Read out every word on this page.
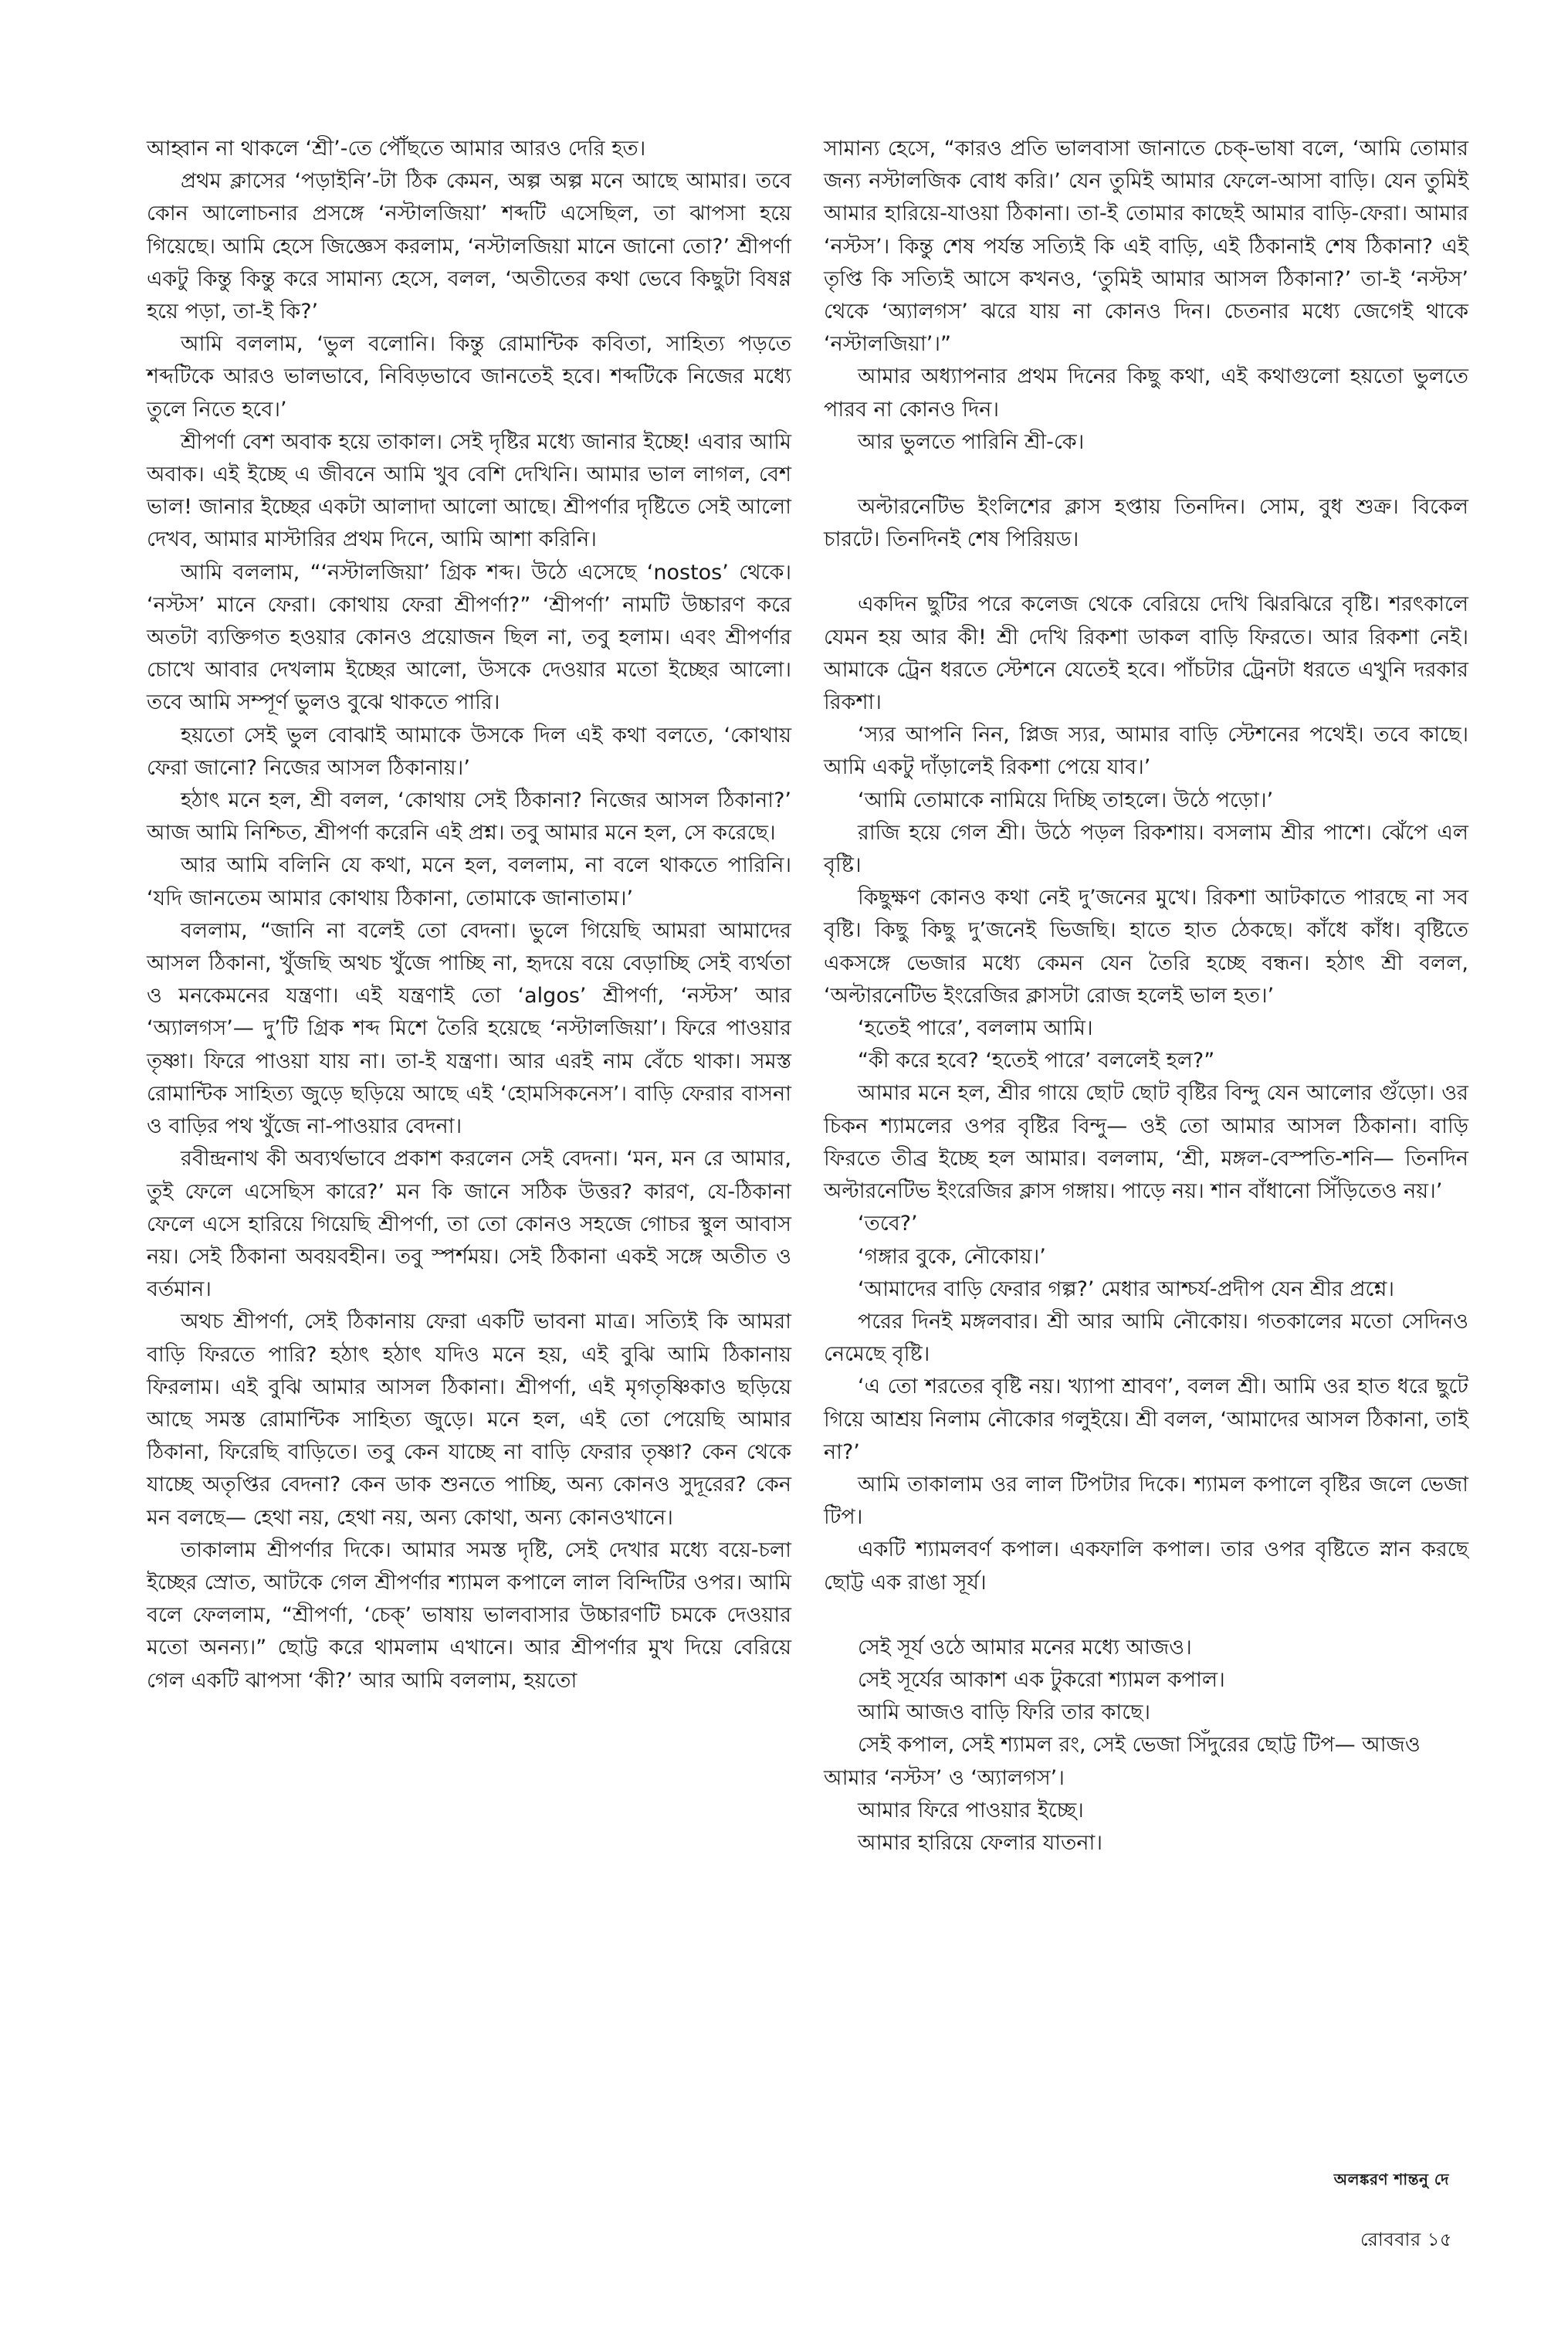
আহ্বান না থাকলে ‘শ্রী’-তে পৌঁছতে আমার আরও দেরি হত।

প্রথম ক্লাসের ‘পড়াইনি’-টা ঠিক কেমন, অল্প অল্প মনে আছে আমার। তবে কোন আলোচনার প্রসঙ্গে ‘নস্টালজিয়া’ শব্দটি এসেছিল, তা ঝাপসা হয়ে গিয়েছে। আমি হেসে জিজ্ঞেস করলাম, ‘নস্টালজিয়া মানে জানো তো?’ শ্রীপর্ণা একটু কিন্তু কিন্তু করে সামান্য হেসে, বলল, ‘অতীতের কথা ভেবে কিছুটা বিষণ্ণ হয়ে পড়া, তা-ই কি?’

আমি বললাম, ‘ভুল বলোনি। কিন্তু রোমান্টিক কবিতা, সাহিত্য পড়তে শব্দটিকে আরও ভালভাবে, নিবিড়ভাবে জানতেই হবে। শব্দটিকে নিজের মধ্যে তুলে নিতে হবে।’

শ্রীপর্ণা বেশ অবাক হয়ে তাকাল। সেই দৃষ্টির মধ্যে জানার ইচ্ছে! এবার আমি অবাক। এই ইচ্ছে এ জীবনে আমি খুব বেশি দেখিনি। আমার ভাল লাগল, বেশ ভাল! জানার ইচ্ছের একটা আলাদা আলো আছে। শ্রীপর্ণার দৃষ্টিতে সেই আলো দেখব, আমার মাস্টারির প্রথম দিনে, আমি আশা করিনি।

আমি বললাম, “‘নস্টালজিয়া’ গ্রিক শব্দ। উঠে এসেছে ‘nostos’ থেকে। ‘নস্টস’ মানে ফেরা। কোথায় ফেরা শ্রীপর্ণা?” ‘শ্রীপর্ণা’ নামটি উচ্চারণ করে অতটা ব্যক্তিগত হওয়ার কোনও প্রয়োজন ছিল না, তবু হলাম। এবং শ্রীপর্ণার চোখে আবার দেখলাম ইচ্ছের আলো, উসকে দেওয়ার মতো ইচ্ছের আলো। তবে আমি সম্পূর্ণ ভুলও বুঝে থাকতে পারি।

হয়তো সেই ভুল বোঝাই আমাকে উসকে দিল এই কথা বলতে, ‘কোথায় ফেরা জানো? নিজের আসল ঠিকানায়।’

হঠাৎ মনে হল, শ্রী বলল, ‘কোথায় সেই ঠিকানা? নিজের আসল ঠিকানা?’ আজ আমি নিশ্চিত, শ্রীপর্ণা করেনি এই প্রশ্ন। তবু আমার মনে হল, সে করেছে।

আর আমি বলিনি যে কথা, মনে হল, বললাম, না বলে থাকতে পারিনি। ‘যদি জানতেম আমার কোথায় ঠিকানা, তোমাকে জানাতাম।’

বললাম, “জানি না বলেই তো বেদনা। ভুলে গিয়েছি আমরা আমাদের আসল ঠিকানা, খুঁজছি অথচ খুঁজে পাচ্ছি না, হৃদয়ে বয়ে বেড়াচ্ছি সেই ব্যর্থতা ও মনকেমনের যন্ত্রণা। এই যন্ত্রণাই তো ‘algos’ শ্রীপর্ণা, ‘নস্টস’ আর ‘অ্যালগস’— দু’টি গ্রিক শব্দ মিশে তৈরি হয়েছে ‘নস্টালজিয়া’। ফিরে পাওয়ার তৃষ্ণা। ফিরে পাওয়া যায় না। তা-ই যন্ত্রণা। আর এরই নাম বেঁচে থাকা। সমস্ত রোমান্টিক সাহিত্য জুড়ে ছড়িয়ে আছে এই ‘হোমসিকনেস’। বাড়ি ফেরার বাসনা ও বাড়ির পথ খুঁজে না-পাওয়ার বেদনা।

রবীন্দ্রনাথ কী অব্যর্থভাবে প্রকাশ করলেন সেই বেদনা। ‘মন, মন রে আমার, তুই ফেলে এসেছিস কারে?’ মন কি জানে সঠিক উত্তর? কারণ, যে-ঠিকানা ফেলে এসে হারিয়ে গিয়েছি শ্রীপর্ণা, তা তো কোনও সহজে গোচর স্থুল আবাস নয়। সেই ঠিকানা অবয়বহীন। তবু স্পর্শময়। সেই ঠিকানা একই সঙ্গে অতীত ও বর্তমান।

অথচ শ্রীপর্ণা, সেই ঠিকানায় ফেরা একটি ভাবনা মাত্র। সত্যিই কি আমরা বাড়ি ফিরতে পারি? হঠাৎ হঠাৎ যদিও মনে হয়, এই বুঝি আমি ঠিকানায় ফিরলাম। এই বুঝি আমার আসল ঠিকানা। শ্রীপর্ণা, এই মৃগতৃষ্ণিকাও ছড়িয়ে আছে সমস্ত রোমান্টিক সাহিত্য জুড়ে। মনে হল, এই তো পেয়েছি আমার ঠিকানা, ফিরেছি বাড়িতে। তবু কেন যাচ্ছে না বাড়ি ফেরার তৃষ্ণা? কেন থেকে যাচ্ছে অতৃপ্তির বেদনা? কেন ডাক শুনতে পাচ্ছি, অন্য কোনও সুদূরের? কেন মন বলছে— হেথা নয়, হেথা নয়, অন্য কোথা, অন্য কোনওখানে।

তাকালাম শ্রীপর্ণার দিকে। আমার সমস্ত দৃষ্টি, সেই দেখার মধ্যে বয়ে-চলা ইচ্ছের স্রোত, আটকে গেল শ্রীপর্ণার শ্যামল কপালে লাল বিন্দিটির ওপর। আমি বলে ফেললাম, “শ্রীপর্ণা, ‘চেক্’ ভাষায় ভালবাসার উচ্চারণটি চমকে দেওয়ার মতো অনন্য।” ছোট্ট করে থামলাম এখানে। আর শ্রীপর্ণার মুখ দিয়ে বেরিয়ে গেল একটি ঝাপসা ‘কী?’ আর আমি বললাম, হয়তো

সামান্য হেসে, “কারও প্রতি ভালবাসা জানাতে চেক্-ভাষা বলে, ‘আমি তোমার জন্য নস্টালজিক বোধ করি।’ যেন তুমিই আমার ফেলে-আসা বাড়ি। যেন তুমিই আমার হারিয়ে-যাওয়া ঠিকানা। তা-ই তোমার কাছেই আমার বাড়ি-ফেরা। আমার ‘নস্টস’। কিন্তু শেষ পর্যন্ত সত্যিই কি এই বাড়ি, এই ঠিকানাই শেষ ঠিকানা? এই তৃপ্তি কি সত্যিই আসে কখনও, ‘তুমিই আমার আসল ঠিকানা?’ তা-ই ‘নস্টস’ থেকে ‘অ্যালগস’ ঝরে যায় না কোনও দিন। চেতনার মধ্যে জেগেই থাকে ‘নস্টালজিয়া’।”

আমার অধ্যাপনার প্রথম দিনের কিছু কথা, এই কথাগুলো হয়তো ভুলতে পারব না কোনও দিন।

আর ভুলতে পারিনি শ্রী-কে।

অল্টারনেটিভ ইংলিশের ক্লাস হপ্তায় তিনদিন। সোম, বুধ শুক্র। বিকেল চারটে। তিনদিনই শেষ পিরিয়ড।

একদিন ছুটির পরে কলেজ থেকে বেরিয়ে দেখি ঝিরঝিরে বৃষ্টি। শরৎকালে যেমন হয় আর কী! শ্রী দেখি রিকশা ডাকল বাড়ি ফিরতে। আর রিকশা নেই। আমাকে ট্রেন ধরতে স্টেশনে যেতেই হবে। পাঁচটার ট্রেনটা ধরতে এখুনি দরকার রিকশা।

‘স্যর আপনি নিন, প্লিজ স্যর, আমার বাড়ি স্টেশনের পথেই। তবে কাছে। আমি একটু দাঁড়ালেই রিকশা পেয়ে যাব।’

‘আমি তোমাকে নামিয়ে দিচ্ছি তাহলে। উঠে পড়ো।’

রাজি হয়ে গেল শ্রী। উঠে পড়ল রিকশায়। বসলাম শ্রীর পাশে। ঝেঁপে এল বৃষ্টি।

কিছুক্ষণ কোনও কথা নেই দু’জনের মুখে। রিকশা আটকাতে পারছে না সব বৃষ্টি। কিছু কিছু দু’জনেই ভিজছি। হাতে হাত ঠেকছে। কাঁধে কাঁধ। বৃষ্টিতে একসঙ্গে ভেজার মধ্যে কেমন যেন তৈরি হচ্ছে বন্ধন। হঠাৎ শ্রী বলল, ‘অল্টারনেটিভ ইংরেজির ক্লাসটা রোজ হলেই ভাল হত।’

‘হতেই পারে’, বললাম আমি।

“কী করে হবে? ‘হতেই পারে’ বললেই হল?”

আমার মনে হল, শ্রীর গায়ে ছোট ছোট বৃষ্টির বিন্দু যেন আলোর গুঁড়ো। ওর চিকন শ্যামলের ওপর বৃষ্টির বিন্দু— ওই তো আমার আসল ঠিকানা। বাড়ি ফিরতে তীব্র ইচ্ছে হল আমার। বললাম, ‘শ্রী, মঙ্গল-বেস্পতি-শনি— তিনদিন অল্টারনেটিভ ইংরেজির ক্লাস গঙ্গায়। পাড়ে নয়। শান বাঁধানো সিঁড়িতেও নয়।’

‘তবে?’

‘গঙ্গার বুকে, নৌকোয়।’

‘আমাদের বাড়ি ফেরার গল্প?’ মেধার আশ্চর্য-প্রদীপ যেন শ্রীর প্রশ্নে।

পরের দিনই মঙ্গলবার। শ্রী আর আমি নৌকোয়। গতকালের মতো সেদিনও নেমেছে বৃষ্টি।

‘এ তো শরতের বৃষ্টি নয়। খ্যাপা শ্রাবণ’, বলল শ্রী। আমি ওর হাত ধরে ছুটে গিয়ে আশ্রয় নিলাম নৌকোর গলুইয়ে। শ্রী বলল, ‘আমাদের আসল ঠিকানা, তাই না?’

আমি তাকালাম ওর লাল টিপটার দিকে। শ্যামল কপালে বৃষ্টির জলে ভেজা টিপ।

একটি শ্যামলবর্ণ কপাল। একফালি কপাল। তার ওপর বৃষ্টিতে স্নান করছে ছোট্ট এক রাঙা সূর্য।

সেই সূর্য ওঠে আমার মনের মধ্যে আজও।

সেই সূর্যের আকাশ এক টুকরো শ্যামল কপাল।

আমি আজও বাড়ি ফিরি তার কাছে।

সেই কপাল, সেই শ্যামল রং, সেই ভেজা সিঁদুরের ছোট্ট টিপ— আজও আমার ‘নস্টস’ ও ‘অ্যালগস’।

আমার ফিরে পাওয়ার ইচ্ছে।

আমার হারিয়ে ফেলার যাতনা।

অলঙ্করণ শান্তনু দে
রোববার ১৫
